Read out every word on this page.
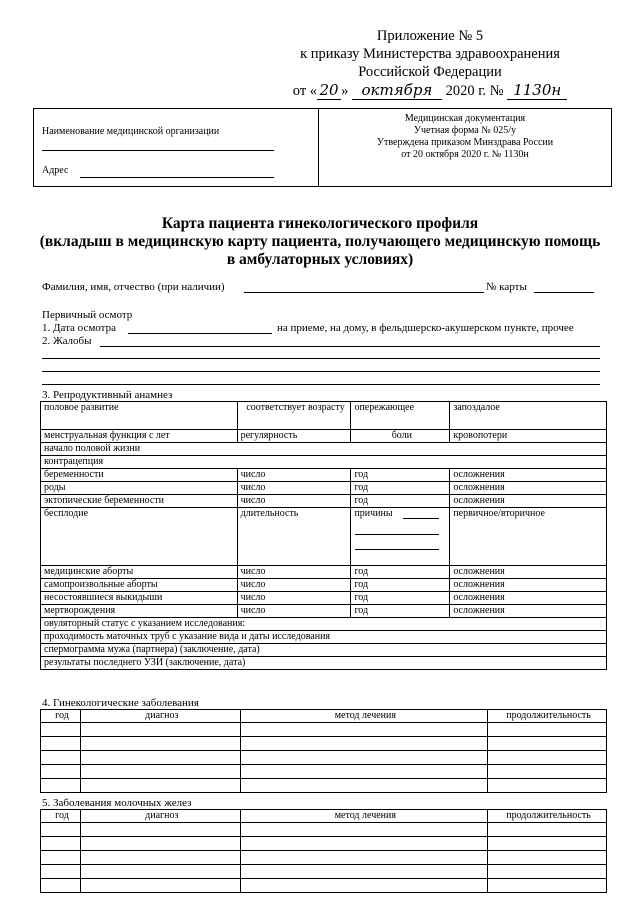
Приложение № 5
к приказу Министерства здравоохранения
Российской Федерации
от « 20 » октября 2020 г. № 1130н
Наименование медицинской организации
Адрес
Медицинская документация
Учетная форма № 025/у
Утверждена приказом Минздрава России
от 20 октября 2020 г. № 1130н
Карта пациента гинекологического профиля
(вкладыш в медицинскую карту пациента, получающего медицинскую помощь
в амбулаторных условиях)
Фамилия, имя, отчество (при наличии)	№ карты
Первичный осмотр
1. Дата осмотра	на приеме, на дому, в фельдшерско-акушерском пункте, прочее
2. Жалобы
3. Репродуктивный анамнез
половое развитие	соответствует возрасту	опережающее	запоздалое
менструальная функция с лет	регулярность	боли	кровопотери
начало половой жизни			
контрацепция			
беременности	число	год	осложнения
роды	число	год	осложнения
эктопические беременности	число	год	осложнения
бесплодие	длительность	причины	первичное/вторичное
медицинские аборты	число	год	осложнения
самопроизвольные аборты	число	год	осложнения
несостоявшиеся выкидыши	число	год	осложнения
мертворождения	число	год	осложнения
овуляторный статус с указанием исследования:			
проходимость маточных труб с указание вида и даты исследования			
спермограмма мужа (партнера) (заключение, дата)			
результаты последнего УЗИ (заключение, дата)			
4. Гинекологические заболевания
год	диагноз	метод лечения	продолжительность

5. Заболевания молочных желез
год	диагноз	метод лечения	продолжительность
